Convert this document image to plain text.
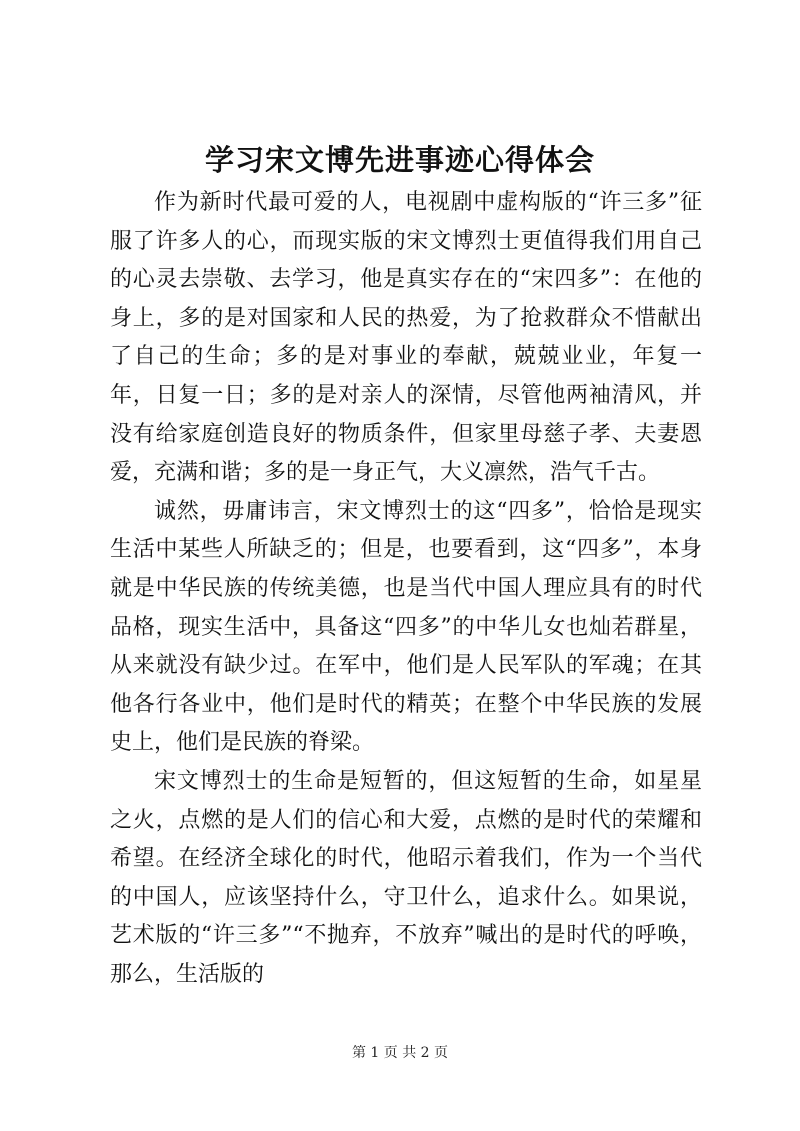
学习宋文博先进事迹心得体会

作为新时代最可爱的人，电视剧中虚构版的“许三多”征服了许多人的心，而现实版的宋文博烈士更值得我们用自己的心灵去崇敬、去学习，他是真实存在的“宋四多”：在他的身上，多的是对国家和人民的热爱，为了抢救群众不惜献出了自己的生命；多的是对事业的奉献，兢兢业业，年复一年，日复一日；多的是对亲人的深情，尽管他两袖清风，并没有给家庭创造良好的物质条件，但家里母慈子孝、夫妻恩爱，充满和谐；多的是一身正气，大义凛然，浩气千古。

诚然，毋庸讳言，宋文博烈士的这“四多”，恰恰是现实生活中某些人所缺乏的；但是，也要看到，这“四多”，本身就是中华民族的传统美德，也是当代中国人理应具有的时代品格，现实生活中，具备这“四多”的中华儿女也灿若群星，从来就没有缺少过。在军中，他们是人民军队的军魂；在其他各行各业中，他们是时代的精英；在整个中华民族的发展史上，他们是民族的脊梁。

宋文博烈士的生命是短暂的，但这短暂的生命，如星星之火，点燃的是人们的信心和大爱，点燃的是时代的荣耀和希望。在经济全球化的时代，他昭示着我们，作为一个当代的中国人，应该坚持什么，守卫什么，追求什么。如果说，艺术版的“许三多”“不抛弃，不放弃”喊出的是时代的呼唤，那么，生活版的

第 1 页 共 2 页
